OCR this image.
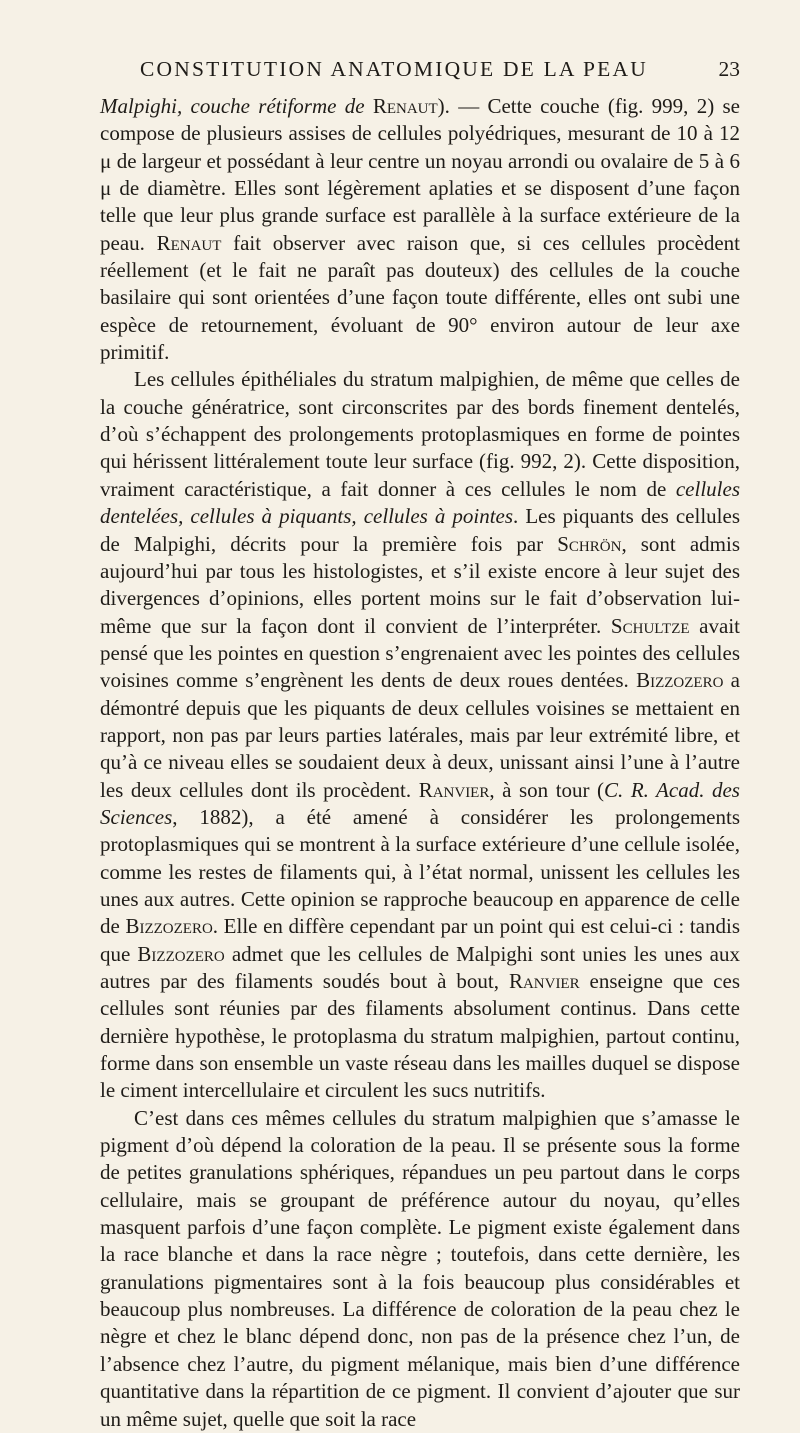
CONSTITUTION ANATOMIQUE DE LA PEAU	23

Malpighi, couche rétiforme de Renaut). — Cette couche (fig. 999, 2) se compose de plusieurs assises de cellules polyédriques, mesurant de 10 à 12 μ de largeur et possédant à leur centre un noyau arrondi ou ovalaire de 5 à 6 μ de diamètre. Elles sont légèrement aplaties et se disposent d’une façon telle que leur plus grande surface est parallèle à la surface extérieure de la peau. Renaut fait observer avec raison que, si ces cellules procèdent réellement (et le fait ne paraît pas douteux) des cellules de la couche basilaire qui sont orientées d’une façon toute différente, elles ont subi une espèce de retournement, évoluant de 90° environ autour de leur axe primitif.

Les cellules épithéliales du stratum malpighien, de même que celles de la couche génératrice, sont circonscrites par des bords finement dentelés, d’où s’échappent des prolongements protoplasmiques en forme de pointes qui hérissent littéralement toute leur surface (fig. 992, 2). Cette disposition, vraiment caractéristique, a fait donner à ces cellules le nom de cellules dentelées, cellules à piquants, cellules à pointes. Les piquants des cellules de Malpighi, décrits pour la première fois par Schrön, sont admis aujourd’hui par tous les histologistes, et s’il existe encore à leur sujet des divergences d’opinions, elles portent moins sur le fait d’observation lui-même que sur la façon dont il convient de l’interpréter. Schultze avait pensé que les pointes en question s’engrenaient avec les pointes des cellules voisines comme s’engrènent les dents de deux roues dentées. Bizzozero a démontré depuis que les piquants de deux cellules voisines se mettaient en rapport, non pas par leurs parties latérales, mais par leur extrémité libre, et qu’à ce niveau elles se soudaient deux à deux, unissant ainsi l’une à l’autre les deux cellules dont ils procèdent. Ranvier, à son tour (C. R. Acad. des Sciences, 1882), a été amené à considérer les prolongements protoplasmiques qui se montrent à la surface extérieure d’une cellule isolée, comme les restes de filaments qui, à l’état normal, unissent les cellules les unes aux autres. Cette opinion se rapproche beaucoup en apparence de celle de Bizzozero. Elle en diffère cependant par un point qui est celui-ci : tandis que Bizzozero admet que les cellules de Malpighi sont unies les unes aux autres par des filaments soudés bout à bout, Ranvier enseigne que ces cellules sont réunies par des filaments absolument continus. Dans cette dernière hypothèse, le protoplasma du stratum malpighien, partout continu, forme dans son ensemble un vaste réseau dans les mailles duquel se dispose le ciment intercellulaire et circulent les sucs nutritifs.

C’est dans ces mêmes cellules du stratum malpighien que s’amasse le pigment d’où dépend la coloration de la peau. Il se présente sous la forme de petites granulations sphériques, répandues un peu partout dans le corps cellulaire, mais se groupant de préférence autour du noyau, qu’elles masquent parfois d’une façon complète. Le pigment existe également dans la race blanche et dans la race nègre ; toutefois, dans cette dernière, les granulations pigmentaires sont à la fois beaucoup plus considérables et beaucoup plus nombreuses. La différence de coloration de la peau chez le nègre et chez le blanc dépend donc, non pas de la présence chez l’un, de l’absence chez l’autre, du pigment mélanique, mais bien d’une différence quantitative dans la répartition de ce pigment. Il convient d’ajouter que sur un même sujet, quelle que soit la race
